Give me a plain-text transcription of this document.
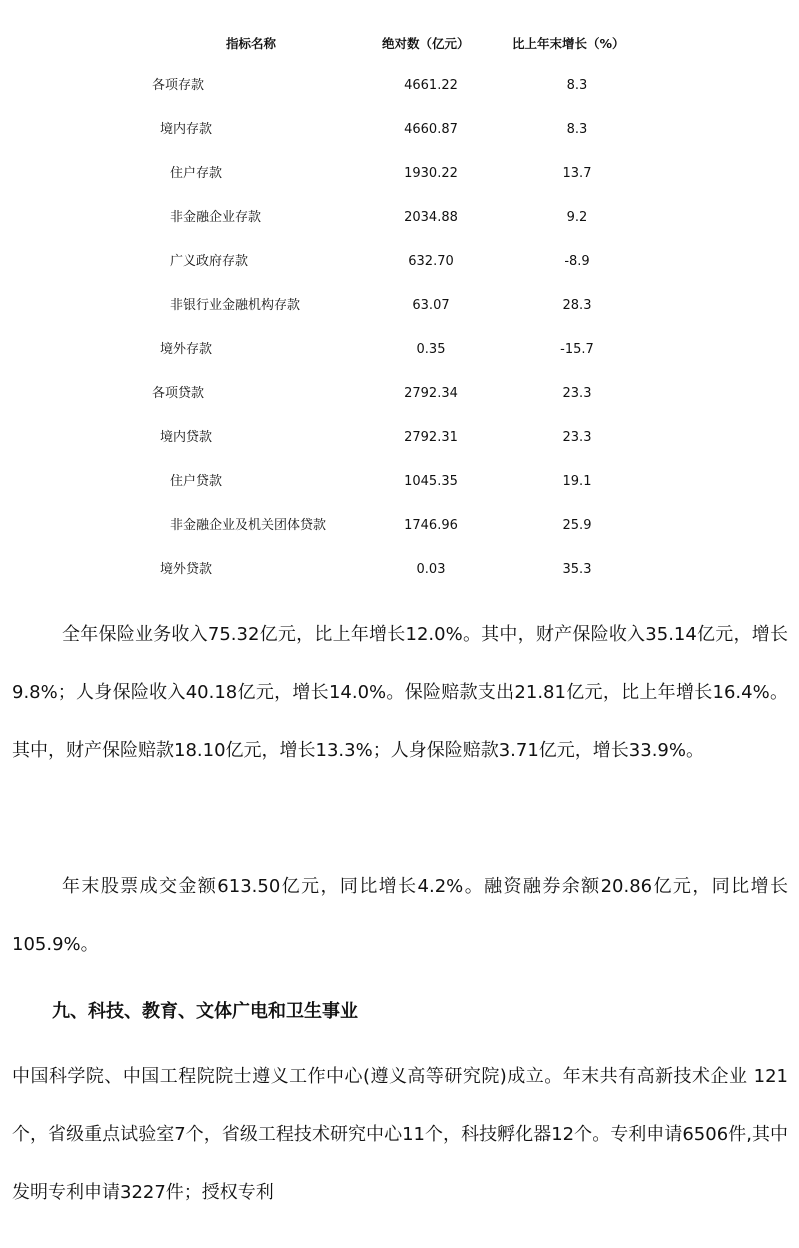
指标名称	绝对数（亿元）	比上年末增长（%）
各项存款	4661.22	8.3
境内存款	4660.87	8.3
住户存款	1930.22	13.7
非金融企业存款	2034.88	9.2
广义政府存款	632.70	-8.9
非银行业金融机构存款	63.07	28.3
境外存款	0.35	-15.7
各项贷款	2792.34	23.3
境内贷款	2792.31	23.3
住户贷款	1045.35	19.1
非金融企业及机关团体贷款	1746.96	25.9
境外贷款	0.03	35.3

全年保险业务收入75.32亿元，比上年增长12.0%。其中，财产保险收入35.14亿元，增长9.8%；人身保险收入40.18亿元，增长14.0%。保险赔款支出21.81亿元，比上年增长16.4%。其中，财产保险赔款18.10亿元，增长13.3%；人身保险赔款3.71亿元，增长33.9%。

年末股票成交金额613.50亿元，同比增长4.2%。融资融券余额20.86亿元，同比增长105.9%。

九、科技、教育、文体广电和卫生事业

中国科学院、中国工程院院士遵义工作中心(遵义高等研究院)成立。年末共有高新技术企业 121 个，省级重点试验室7个，省级工程技术研究中心11个，科技孵化器12个。专利申请6506件,其中发明专利申请3227件；授权专利
